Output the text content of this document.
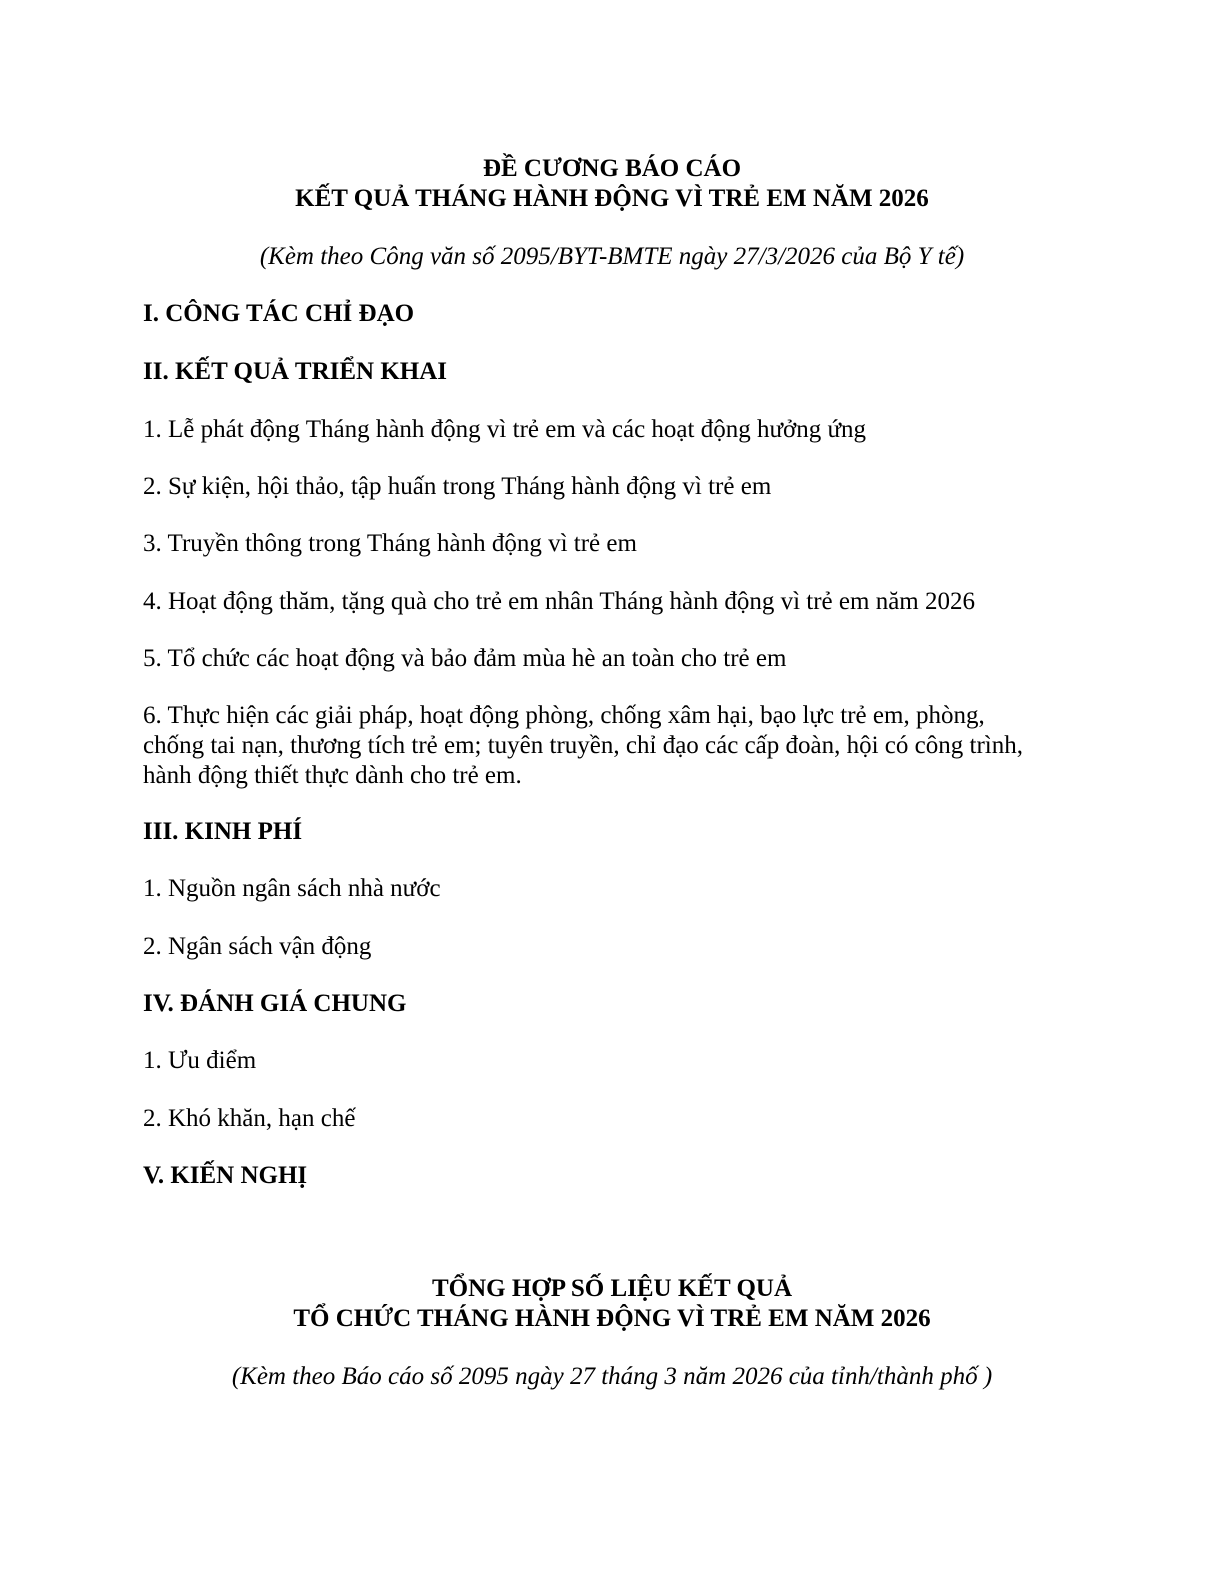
ĐỀ CƯƠNG BÁO CÁO
KẾT QUẢ THÁNG HÀNH ĐỘNG VÌ TRẺ EM NĂM 2026
(Kèm theo Công văn số 2095/BYT-BMTE ngày 27/3/2026 của Bộ Y tế)
I. CÔNG TÁC CHỈ ĐẠO
II. KẾT QUẢ TRIỂN KHAI
1. Lễ phát động Tháng hành động vì trẻ em và các hoạt động hưởng ứng
2. Sự kiện, hội thảo, tập huấn trong Tháng hành động vì trẻ em
3. Truyền thông trong Tháng hành động vì trẻ em
4. Hoạt động thăm, tặng quà cho trẻ em nhân Tháng hành động vì trẻ em năm 2026
5. Tổ chức các hoạt động và bảo đảm mùa hè an toàn cho trẻ em
6. Thực hiện các giải pháp, hoạt động phòng, chống xâm hại, bạo lực trẻ em, phòng,
chống tai nạn, thương tích trẻ em; tuyên truyền, chỉ đạo các cấp đoàn, hội có công trình,
hành động thiết thực dành cho trẻ em.
III. KINH PHÍ
1. Nguồn ngân sách nhà nước
2. Ngân sách vận động
IV. ĐÁNH GIÁ CHUNG
1. Ưu điểm
2. Khó khăn, hạn chế
V. KIẾN NGHỊ
TỔNG HỢP SỐ LIỆU KẾT QUẢ
TỔ CHỨC THÁNG HÀNH ĐỘNG VÌ TRẺ EM NĂM 2026
(Kèm theo Báo cáo số 2095 ngày 27 tháng 3 năm 2026 của tỉnh/thành phố )
